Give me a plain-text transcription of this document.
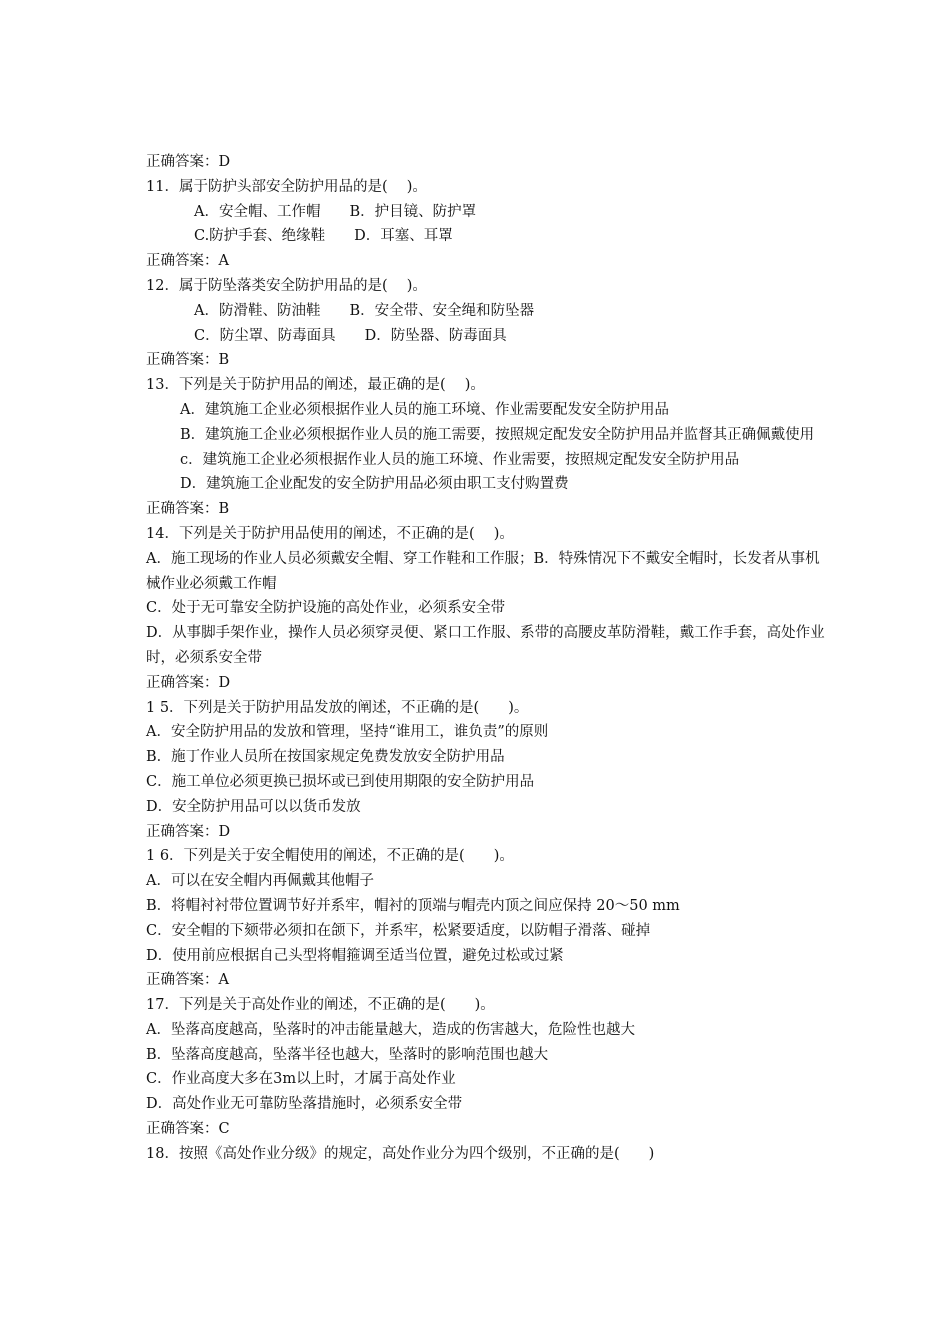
正确答案：D
11．属于防护头部安全防护用品的是(　 )。
A．安全帽、工作帽　　B．护目镜、防护罩
C.防护手套、绝缘鞋　　D．耳塞、耳罩
正确答案：A
12．属于防坠落类安全防护用品的是(　 )。
A．防滑鞋、防油鞋　　B．安全带、安全绳和防坠器
C．防尘罩、防毒面具　　D．防坠器、防毒面具
正确答案：B
13．下列是关于防护用品的阐述，最正确的是(　 )。
A．建筑施工企业必须根据作业人员的施工环境、作业需要配发安全防护用品
B．建筑施工企业必须根据作业人员的施工需要，按照规定配发安全防护用品并监督其正确佩戴使用
c．建筑施工企业必须根据作业人员的施工环境、作业需要，按照规定配发安全防护用品
D．建筑施工企业配发的安全防护用品必须由职工支付购置费
正确答案：B
14．下列是关于防护用品使用的阐述，不正确的是(　 )。
A．施工现场的作业人员必须戴安全帽、穿工作鞋和工作服；B．特殊情况下不戴安全帽时，长发者从事机械作业必须戴工作帽
C．处于无可靠安全防护设施的高处作业，必须系安全带
D．从事脚手架作业，操作人员必须穿灵便、紧口工作服、系带的高腰皮革防滑鞋，戴工作手套，高处作业时，必须系安全带
正确答案：D
1 5．下列是关于防护用品发放的阐述，不正确的是(　　)。
A．安全防护用品的发放和管理，坚持“谁用工，谁负责”的原则
B．施丁作业人员所在按国家规定免费发放安全防护用品
C．施工单位必须更换已损坏或已到使用期限的安全防护用品
D．安全防护用品可以以货币发放
正确答案：D
1 6．下列是关于安全帽使用的阐述，不正确的是(　　)。
A．可以在安全帽内再佩戴其他帽子
B．将帽衬衬带位置调节好并系牢，帽衬的顶端与帽壳内顶之间应保持 20～50 mm
C．安全帽的下颏带必须扣在颌下，并系牢，松紧要适度，以防帽子滑落、碰掉
D．使用前应根据自己头型将帽箍调至适当位置，避免过松或过紧
正确答案：A
17．下列是关于高处作业的阐述，不正确的是(　　)。
A．坠落高度越高，坠落时的冲击能量越大，造成的伤害越大，危险性也越大
B．坠落高度越高，坠落半径也越大，坠落时的影响范围也越大
C．作业高度大多在3m以上时，才属于高处作业
D．高处作业无可靠防坠落措施时，必须系安全带
正确答案：C
18．按照《高处作业分级》的规定，高处作业分为四个级别，不正确的是(　　)
